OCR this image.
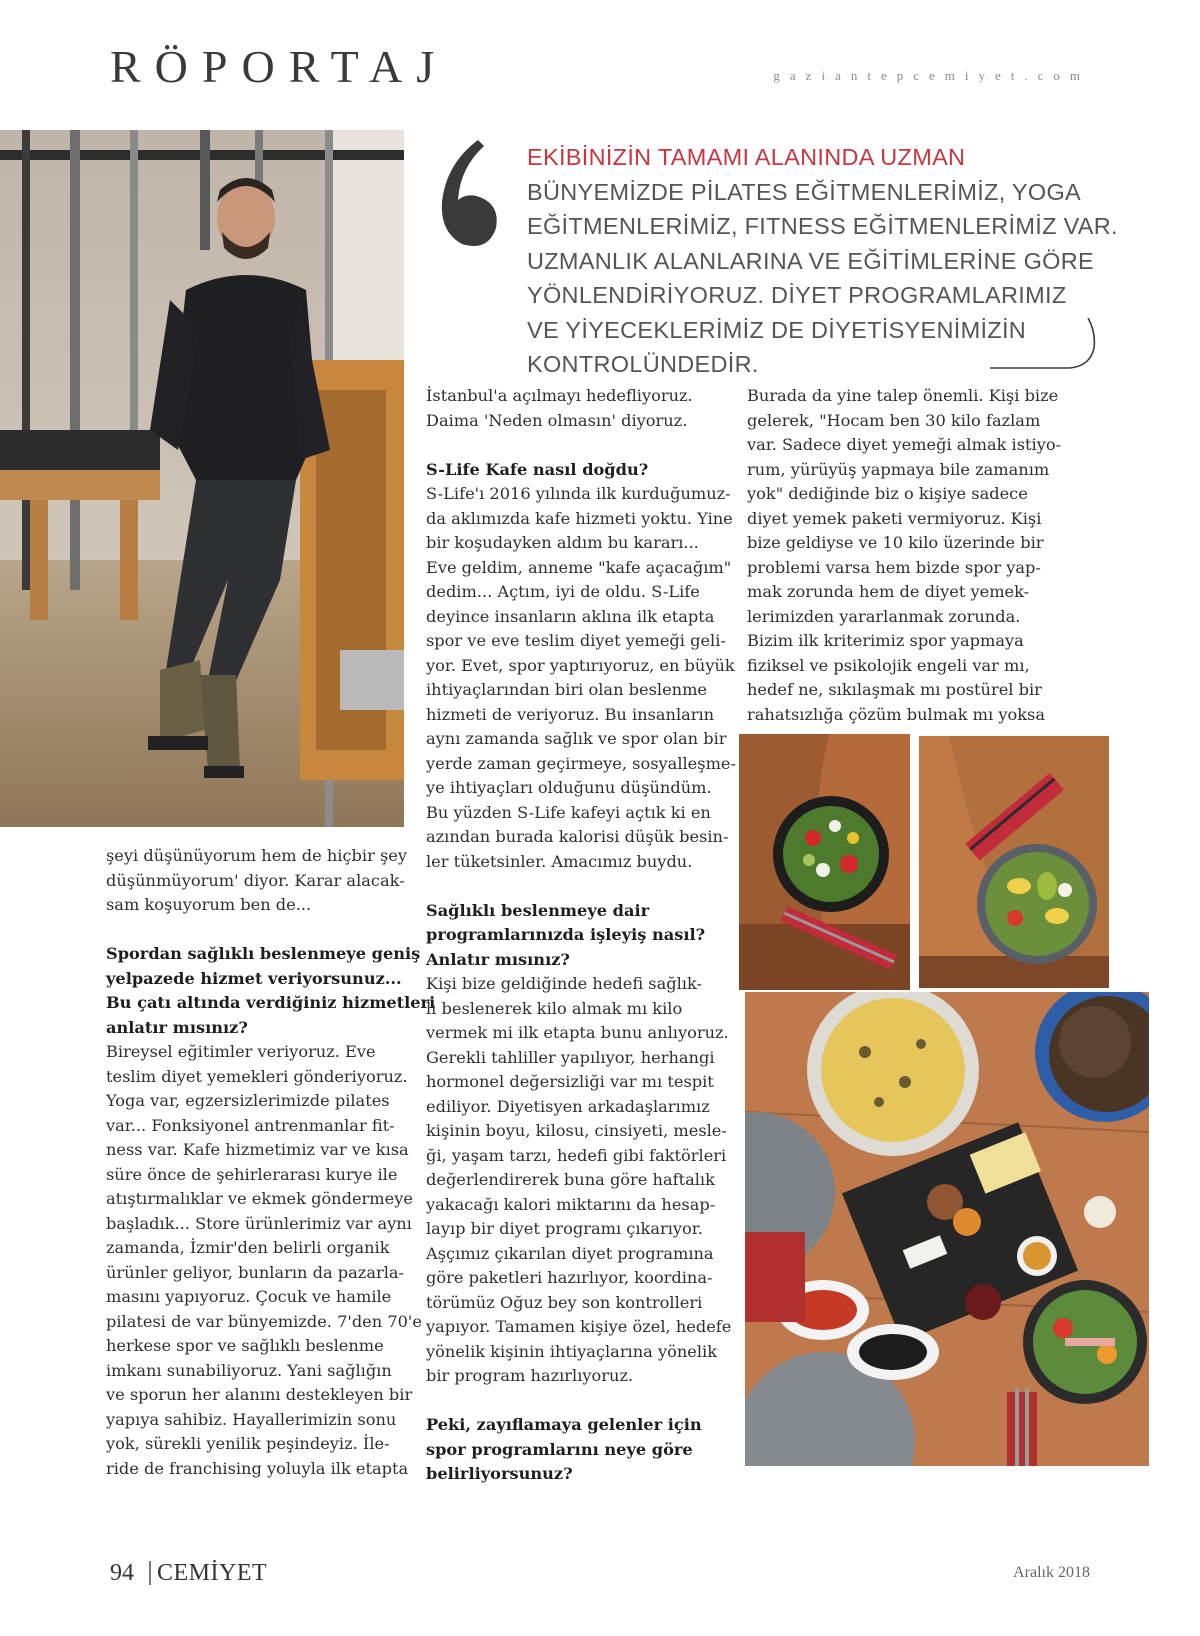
RÖPORTAJ	gaziantepcemiyet.com
EKİBİNİZİN TAMAMI ALANINDA UZMAN
BÜNYEMİZDE PİLATES EĞİTMENLERİMİZ, YOGA
EĞİTMENLERİMİZ, FITNESS EĞİTMENLERİMİZ VAR.
UZMANLIK ALANLARINA VE EĞİTİMLERİNE GÖRE
YÖNLENDİRİYORUZ. DİYET PROGRAMLARIMIZ
VE YİYECEKLERİMİZ DE DİYETİSYENİMİZİN
KONTROLÜNDEDİR.

şeyi düşünüyorum hem de hiçbir şey

düşünmüyorum' diyor. Karar alacak-

sam koşuyorum ben de...

Spordan sağlıklı beslenmeye geniş

yelpazede hizmet veriyorsunuz...

Bu çatı altında verdiğiniz hizmetleri

anlatır mısınız?

Bireysel eğitimler veriyoruz. Eve

teslim diyet yemekleri gönderiyoruz.

Yoga var, egzersizlerimizde pilates

var... Fonksiyonel antrenmanlar fit-

ness var. Kafe hizmetimiz var ve kısa

süre önce de şehirlerarası kurye ile

atıştırmalıklar ve ekmek göndermeye

başladık... Store ürünlerimiz var aynı

zamanda, İzmir'den belirli organik

ürünler geliyor, bunların da pazarla-

masını yapıyoruz. Çocuk ve hamile

pilatesi de var bünyemizde. 7'den 70'e

herkese spor ve sağlıklı beslenme

imkanı sunabiliyoruz. Yani sağlığın

ve sporun her alanını destekleyen bir

yapıya sahibiz. Hayallerimizin sonu

yok, sürekli yenilik peşindeyiz. İle-

ride de franchising yoluyla ilk etapta

İstanbul'a açılmayı hedefliyoruz.

Daima 'Neden olmasın' diyoruz.

S-Life Kafe nasıl doğdu?

S-Life'ı 2016 yılında ilk kurduğumuz-

da aklımızda kafe hizmeti yoktu. Yine

bir koşudayken aldım bu kararı...

Eve geldim, anneme "kafe açacağım"

dedim... Açtım, iyi de oldu. S-Life

deyince insanların aklına ilk etapta

spor ve eve teslim diyet yemeği geli-

yor. Evet, spor yaptırıyoruz, en büyük

ihtiyaçlarından biri olan beslenme

hizmeti de veriyoruz. Bu insanların

aynı zamanda sağlık ve spor olan bir

yerde zaman geçirmeye, sosyalleşme-

ye ihtiyaçları olduğunu düşündüm.

Bu yüzden S-Life kafeyi açtık ki en

azından burada kalorisi düşük besin-

ler tüketsinler. Amacımız buydu.

Sağlıklı beslenmeye dair

programlarınızda işleyiş nasıl?

Anlatır mısınız?

Kişi bize geldiğinde hedefi sağlık-

lı beslenerek kilo almak mı kilo

vermek mi ilk etapta bunu anlıyoruz.

Gerekli tahliller yapılıyor, herhangi

hormonel değersizliği var mı tespit

ediliyor. Diyetisyen arkadaşlarımız

kişinin boyu, kilosu, cinsiyeti, mesle-

ği, yaşam tarzı, hedefi gibi faktörleri

değerlendirerek buna göre haftalık

yakacağı kalori miktarını da hesap-

layıp bir diyet programı çıkarıyor.

Aşçımız çıkarılan diyet programına

göre paketleri hazırlıyor, koordina-

törümüz Oğuz bey son kontrolleri

yapıyor. Tamamen kişiye özel, hedefe

yönelik kişinin ihtiyaçlarına yönelik

bir program hazırlıyoruz.

Peki, zayıflamaya gelenler için

spor programlarını neye göre

belirliyorsunuz?

Burada da yine talep önemli. Kişi bize

gelerek, "Hocam ben 30 kilo fazlam

var. Sadece diyet yemeği almak istiyo-

rum, yürüyüş yapmaya bile zamanım

yok" dediğinde biz o kişiye sadece

diyet yemek paketi vermiyoruz. Kişi

bize geldiyse ve 10 kilo üzerinde bir

problemi varsa hem bizde spor yap-

mak zorunda hem de diyet yemek-

lerimizden yararlanmak zorunda.

Bizim ilk kriterimiz spor yapmaya

fiziksel ve psikolojik engeli var mı,

hedef ne, sıkılaşmak mı postürel bir

rahatsızlığa çözüm bulmak mı yoksa

94 CEMİYET	Aralık 2018
